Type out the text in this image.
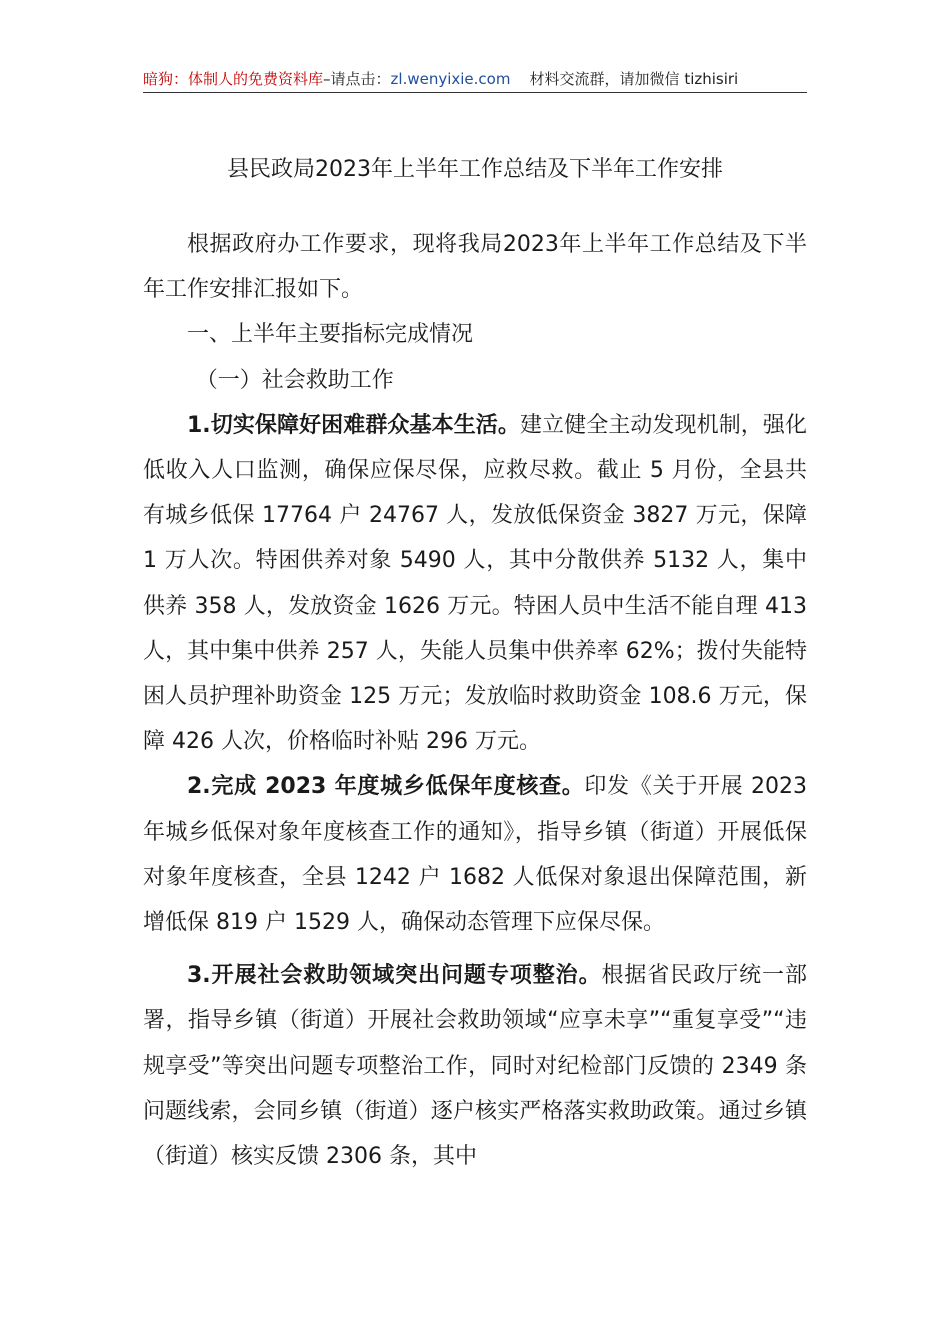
暗狗：体制人的免费资料库–请点击：zl.wenyixie.com 材料交流群，请加微信 tizhisiri
县民政局2023年上半年工作总结及下半年工作安排

根据政府办工作要求，现将我局2023年上半年工作总结及下半年工作安排汇报如下。

一、上半年主要指标完成情况
（一）社会救助工作

1.切实保障好困难群众基本生活。建立健全主动发现机制，强化低收入人口监测，确保应保尽保，应救尽救。截止 5 月份，全县共有城乡低保 17764 户 24767 人，发放低保资金 3827 万元，保障 1 万人次。特困供养对象 5490 人，其中分散供养 5132 人，集中供养 358 人，发放资金 1626 万元。特困人员中生活不能自理 413 人，其中集中供养 257 人，失能人员集中供养率 62%；拨付失能特困人员护理补助资金 125 万元；发放临时救助资金 108.6 万元，保障 426 人次，价格临时补贴 296 万元。

2.完成 2023 年度城乡低保年度核查。印发《关于开展 2023 年城乡低保对象年度核查工作的通知》，指导乡镇（街道）开展低保对象年度核查，全县 1242 户 1682 人低保对象退出保障范围，新增低保 819 户 1529 人，确保动态管理下应保尽保。

3.开展社会救助领域突出问题专项整治。根据省民政厅统一部署，指导乡镇（街道）开展社会救助领域“应享未享”“重复享受”“违规享受”等突出问题专项整治工作，同时对纪检部门反馈的 2349 条问题线索，会同乡镇（街道）逐户核实严格落实救助政策。通过乡镇（街道）核实反馈 2306 条，其中
